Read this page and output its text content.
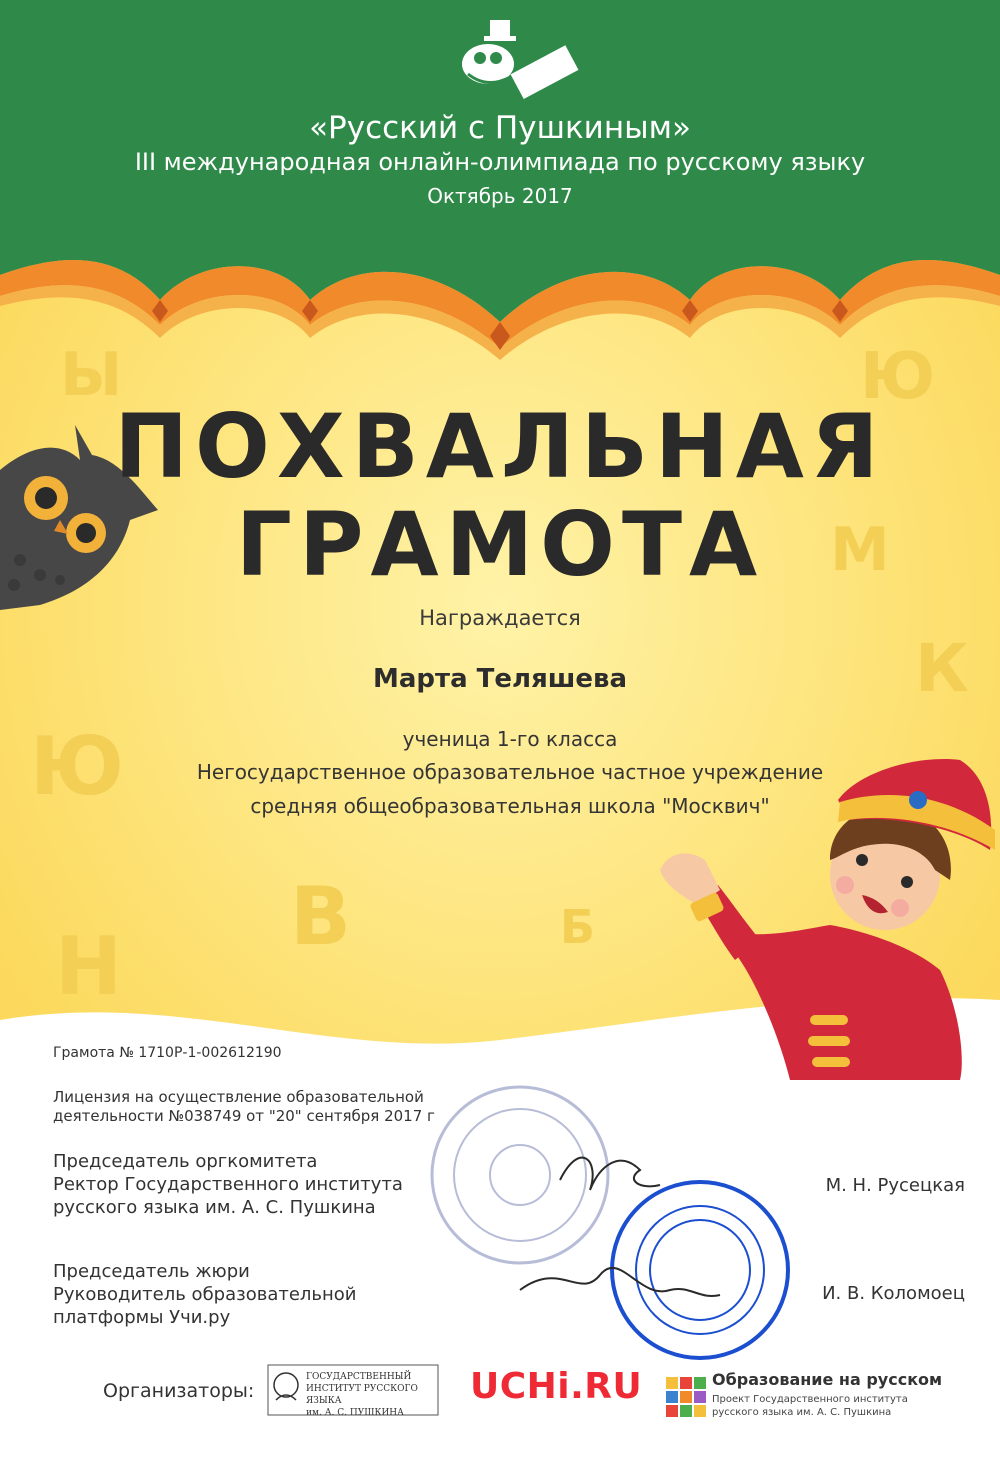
Ы	Ю
М
К
Ю
В
Н	Б
«Русский с Пушкиным»
III международная онлайн-олимпиада по русскому языку
Октябрь 2017
ПОХВАЛЬНАЯ
ГРАМОТА
Награждается
Марта Теляшева
ученица 1-го класса
Негосударственное образовательное частное учреждение
средняя общеобразовательная школа "Москвич"
Грамота № 1710Р-1-002612190
Лицензия на осуществление образовательной деятельности №038749 от "20" сентября 2017 г
Председатель оргкомитета
Ректор Государственного института
русского языка им. А. С. Пушкина
М. Н. Русецкая
Председатель жюри
Руководитель образовательной
платформы Учи.ру
И. В. Коломоец
Организаторы:
ГОСУДАРСТВЕННЫЙ
ИНСТИТУТ РУССКОГО ЯЗЫКА
им. А. С. ПУШКИНА
UCHi.RU	Образование на русском
Проект Государственного института русского языка им. А. С. Пушкина
